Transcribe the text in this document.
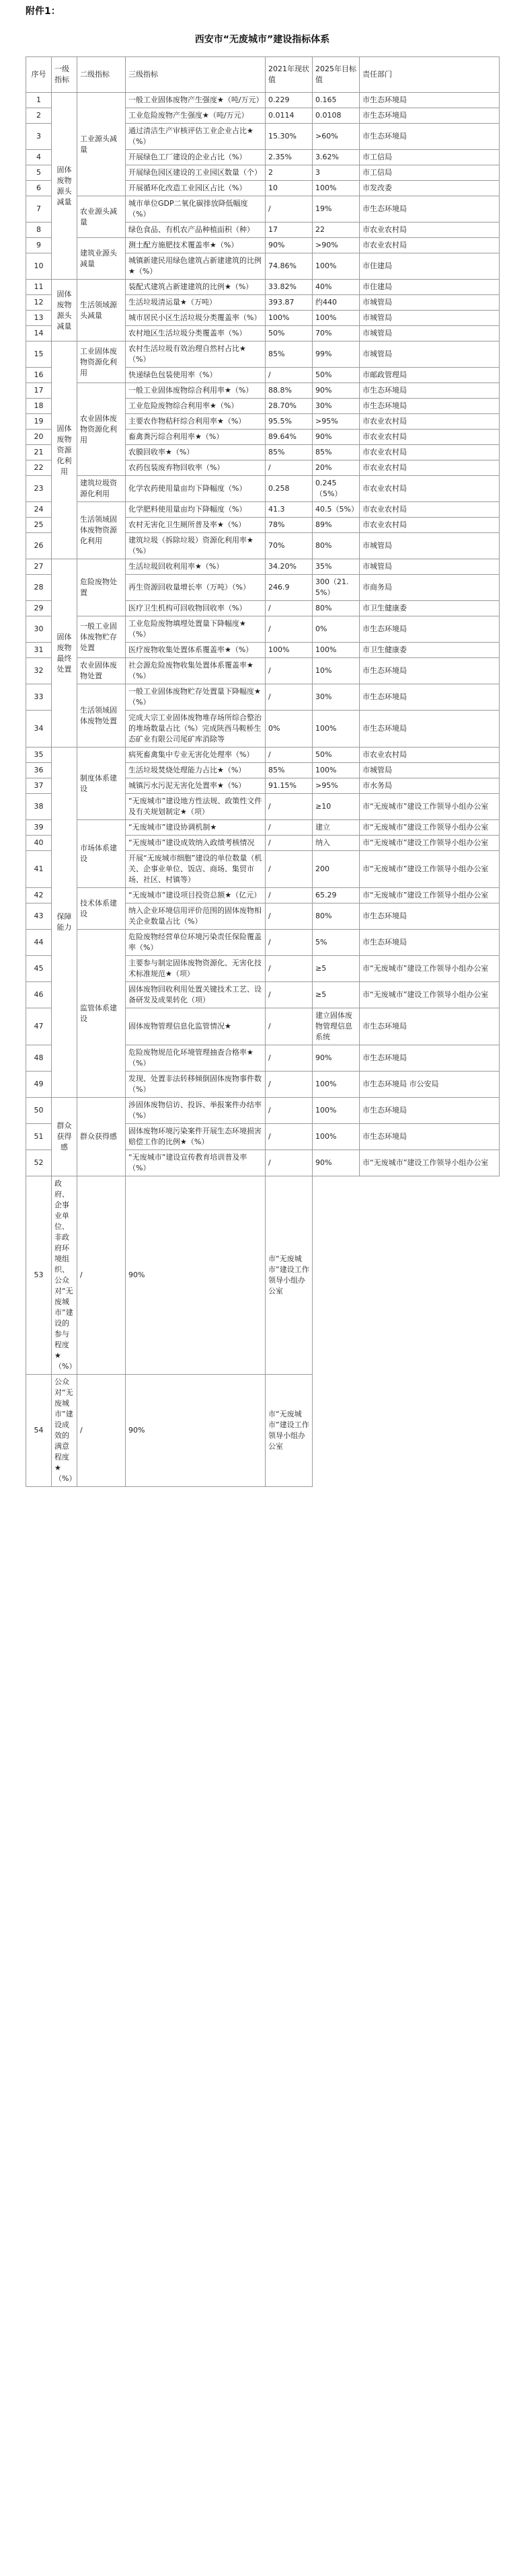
附件1：
西安市“无废城市”建设指标体系
序号	一级指标	二级指标	三级指标	2021年现状值	2025年目标值	责任部门
1	固体废物源头减量	工业源头减量	一般工业固体废物产生强度★（吨/万元）	0.229	0.165	市生态环境局
2			工业危险废物产生强度★（吨/万元）	0.0114	0.0108	市生态环境局
3			通过清洁生产审核评估工业企业占比★（%）	15.30%	>60%	市生态环境局
4			开展绿色工厂建设的企业占比（%）	2.35%	3.62%	市工信局
5			开展绿色园区建设的工业园区数量（个）	2	3	市工信局
6			开展循环化改造工业园区占比（%）	10	100%	市发改委
7		农业源头减量	城市单位GDP二氧化碳排放降低幅度（%）	/	19%	市生态环境局
8			绿色食品、有机农产品种植面积（种）	17	22	市农业农村局
9		建筑业源头减量	测土配方施肥技术覆盖率★（%）	90%	>90%	市农业农村局
10			城镇新建民用绿色建筑占新建建筑的比例★（%）	74.86%	100%	市住建局
11	固体废物源头减量	生活领域源头减量	装配式建筑占新建建筑的比例★（%）	33.82%	40%	市住建局
12			生活垃圾清运量★（万吨）	393.87	约440	市城管局
13			城市居民小区生活垃圾分类覆盖率（%）	100%	100%	市城管局
14			农村地区生活垃圾分类覆盖率（%）	50%	70%	市城管局
15	固体废物资源化利用	工业固体废物资源化利用	农村生活垃圾有效治理自然村占比★（%）	85%	99%	市城管局
16			快递绿色包装使用率（%）	/	50%	市邮政管理局
17		农业固体废物资源化利用	一般工业固体废物综合利用率★（%）	88.8%	90%	市生态环境局
18			工业危险废物综合利用率★（%）	28.70%	30%	市生态环境局
19			主要农作物秸秆综合利用率★（%）	95.5%	>95%	市农业农村局
20			畜禽粪污综合利用率★（%）	89.64%	90%	市农业农村局
21			农膜回收率★（%）	85%	85%	市农业农村局
22			农药包装废弃物回收率（%）	/	20%	市农业农村局
23		建筑垃圾资源化利用	化学农药使用量亩均下降幅度（%）	0.258	0.245（5%）	市农业农村局
24		生活领域固体废物资源化利用	化学肥料使用量亩均下降幅度（%）	41.3	40.5（5%）	市农业农村局
25			农村无害化卫生厕所普及率★（%）	78%	89%	市农业农村局
26			建筑垃圾（拆除垃圾）资源化利用率★（%）	70%	80%	市城管局
27	固体废物最终处置	危险废物处置	生活垃圾回收利用率★（%）	34.20%	35%	市城管局
28			再生资源回收量增长率（万吨）（%）	246.9	300（21.5%）	市商务局
29			医疗卫生机构可回收物回收率（%）	/	80%	市卫生健康委
30		一般工业固体废物贮存处置	工业危险废物填埋处置量下降幅度★（%）	/	0%	市生态环境局
31			医疗废物收集处置体系覆盖率★（%）	100%	100%	市卫生健康委
32		农业固体废物处置	社会源危险废物收集处置体系覆盖率★（%）	/	10%	市生态环境局
33		生活领域固体废物处置	一般工业固体废物贮存处置量下降幅度★（%）	/	30%	市生态环境局
34			完成大宗工业固体废物堆存场所综合整治的堆场数量占比（%）完成陕西马鞍桥生态矿业有限公司尾矿库消除等	0%	100%	市生态环境局
35	保障能力	制度体系建设	病死畜禽集中专业无害化处理率（%）	/	50%	市农业农村局
36			生活垃圾焚烧处理能力占比★（%）	85%	100%	市城管局
37			城镇污水污泥无害化处置率★（%）	91.15%	>95%	市水务局
38			“无废城市”建设地方性法规、政策性文件及有关规划制定★（项）	/	≥10	市“无废城市”建设工作领导小组办公室
39		市场体系建设	“无废城市”建设协调机制★	/	建立	市“无废城市”建设工作领导小组办公室
40			“无废城市”建设成效纳入政绩考核情况	/	纳入	市“无废城市”建设工作领导小组办公室
41			开展“无废城市细胞”建设的单位数量（机关、企事业单位、饭店、商场、集贸市场、社区、村镇等）	/	200	市“无废城市”建设工作领导小组办公室
42		技术体系建设	“无废城市”建设项目投资总额★（亿元）	/	65.29	市“无废城市”建设工作领导小组办公室
43			纳入企业环境信用评价范围的固体废物相关企业数量占比（%）	/	80%	市生态环境局
44		监管体系建设	危险废物经营单位环境污染责任保险覆盖率（%）	/	5%	市生态环境局
45			主要参与制定固体废物资源化、无害化技术标准规范★（项）	/	≥5	市“无废城市”建设工作领导小组办公室
46			固体废物回收利用处置关键技术工艺、设备研发及成果转化（项）	/	≥5	市“无废城市”建设工作领导小组办公室
47			固体废物管理信息化监管情况★	/	建立固体废物管理信息系统	市生态环境局
48			危险废物规范化环境管理抽查合格率★（%）	/	90%	市生态环境局
49			发现、处置非法转移倾倒固体废物事件数（%）	/	100%	市生态环境局 市公安局
50	群众获得感	群众获得感	涉固体废物信访、投诉、举报案件办结率（%）	/	100%	市生态环境局
51			固体废物环境污染案件开展生态环境损害赔偿工作的比例★（%）	/	100%	市生态环境局
52			“无废城市”建设宣传教育培训普及率（%）	/	90%	市“无废城市”建设工作领导小组办公室
53	政府、企事业单位、非政府环境组织、公众对“无废城市”建设的参与程度★（%）	/	90%	市“无废城市”建设工作领导小组办公室		
54	公众对“无废城市”建设成效的满意程度★（%）	/	90%	市“无废城市”建设工作领导小组办公室		
